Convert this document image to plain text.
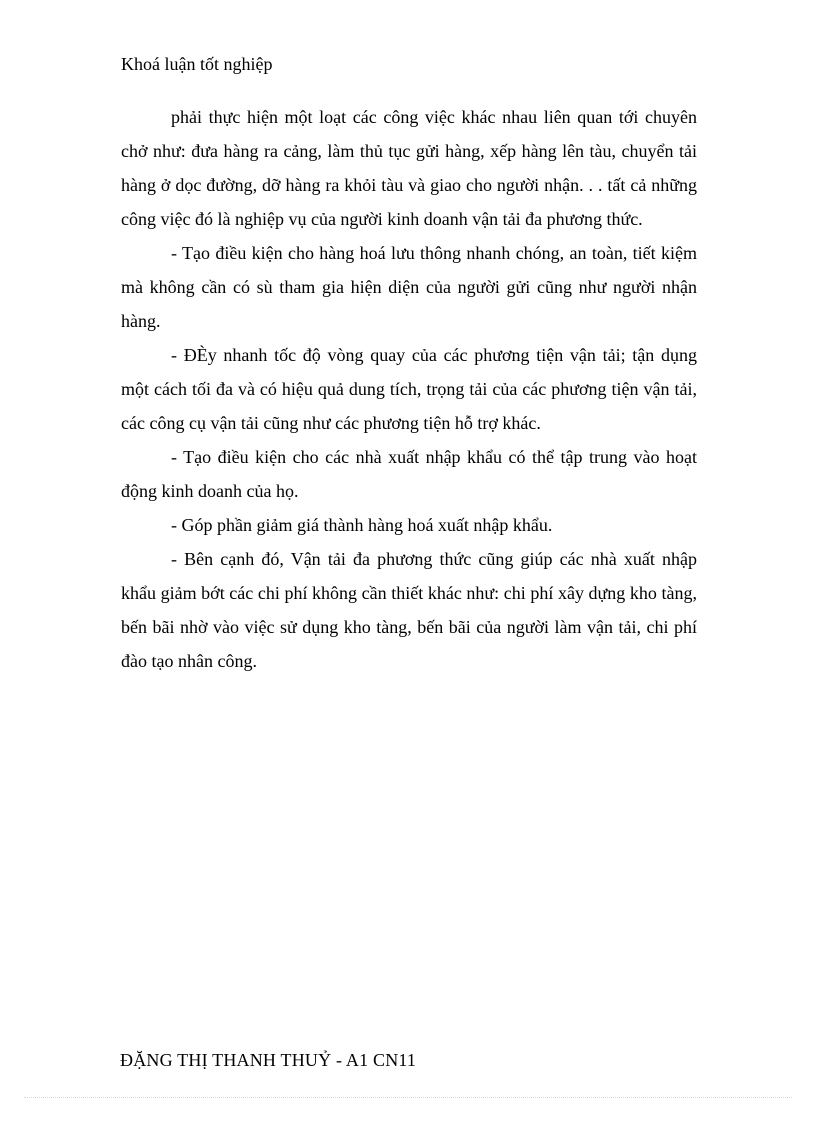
Khoá luận tốt nghiệp

phải thực hiện một loạt các công việc khác nhau liên quan tới chuyên chở như: đưa hàng ra cảng, làm thủ tục gửi hàng, xếp hàng lên tàu, chuyển tải hàng ở dọc đường, dỡ hàng ra khỏi tàu và giao cho người nhận. . . tất cả những công việc đó là nghiệp vụ của người kinh doanh vận tải đa phương thức.

- Tạo điều kiện cho hàng hoá lưu thông nhanh chóng, an toàn, tiết kiệm mà không cần có sù tham gia hiện diện của người gửi cũng như người nhận hàng.

- ĐÈy nhanh tốc độ vòng quay của các phương tiện vận tải; tận dụng một cách tối đa và có hiệu quả dung tích, trọng tải của các phương tiện vận tải, các công cụ vận tải cũng như các phương tiện hỗ trợ khác.

- Tạo điều kiện cho các nhà xuất nhập khẩu có thể tập trung vào hoạt động kinh doanh của họ.

- Góp phần giảm giá thành hàng hoá xuất nhập khẩu.

- Bên cạnh đó, Vận tải đa phương thức cũng giúp các nhà xuất nhập khẩu giảm bớt các chi phí không cần thiết khác như: chi phí xây dựng kho tàng, bến bãi nhờ vào việc sử dụng kho tàng, bến bãi của người làm vận tải, chi phí đào tạo nhân công.

ĐẶNG THỊ THANH THUỶ - A1 CN11
